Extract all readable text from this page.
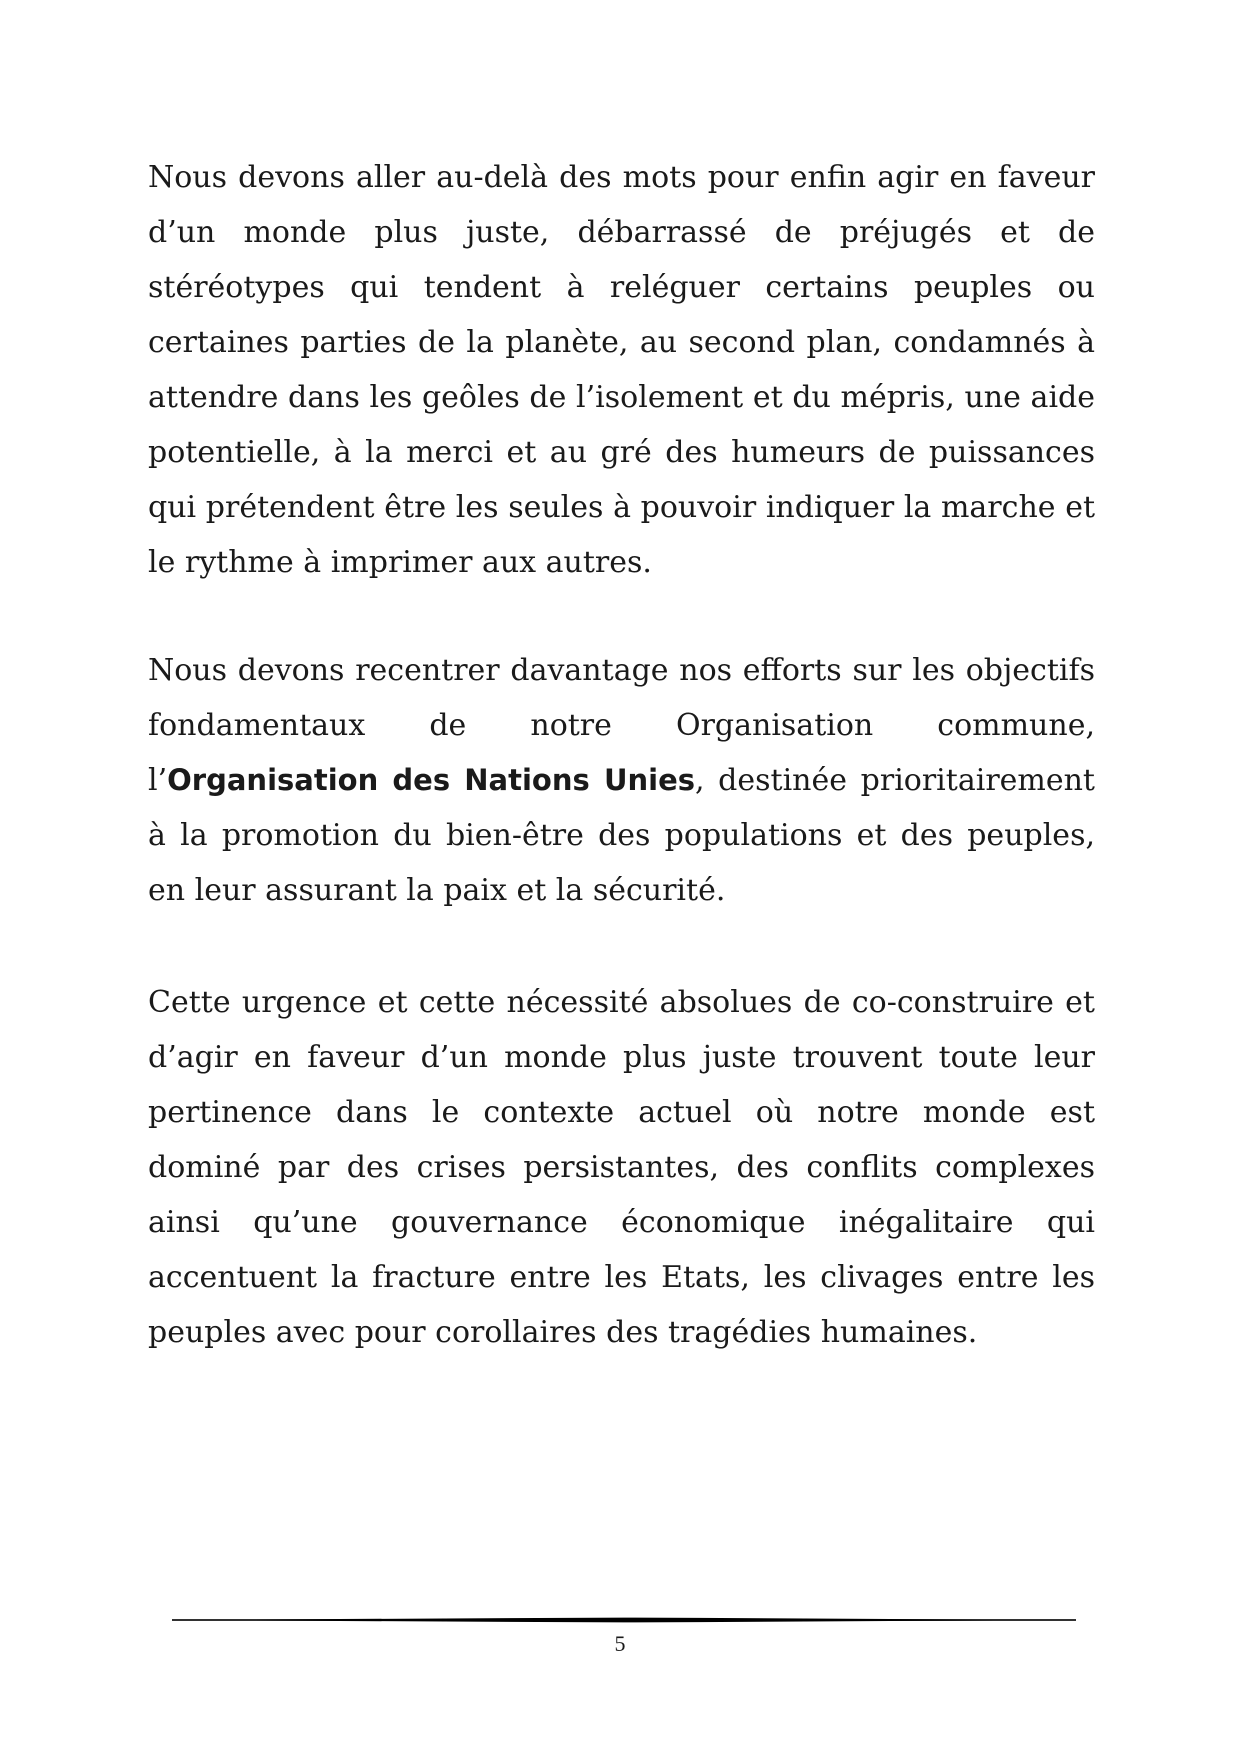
Nous devons aller au-delà des mots pour enfin agir en faveur d’un monde plus juste, débarrassé de préjugés et de stéréotypes qui tendent à reléguer certains peuples ou certaines parties de la planète, au second plan, condamnés à attendre dans les geôles de l’isolement et du mépris, une aide potentielle, à la merci et au gré des humeurs de puissances qui prétendent être les seules à pouvoir indiquer la marche et le rythme à imprimer aux autres.

Nous devons recentrer davantage nos efforts sur les objectifs fondamentaux de notre Organisation commune, l’Organisation des Nations Unies, destinée prioritairement à la promotion du bien-être des populations et des peuples, en leur assurant la paix et la sécurité.

Cette urgence et cette nécessité absolues de co-construire et d’agir en faveur d’un monde plus juste trouvent toute leur pertinence dans le contexte actuel où notre monde est dominé par des crises persistantes, des conflits complexes ainsi qu’une gouvernance économique inégalitaire qui accentuent la fracture entre les Etats, les clivages entre les peuples avec pour corollaires des tragédies humaines.

5
